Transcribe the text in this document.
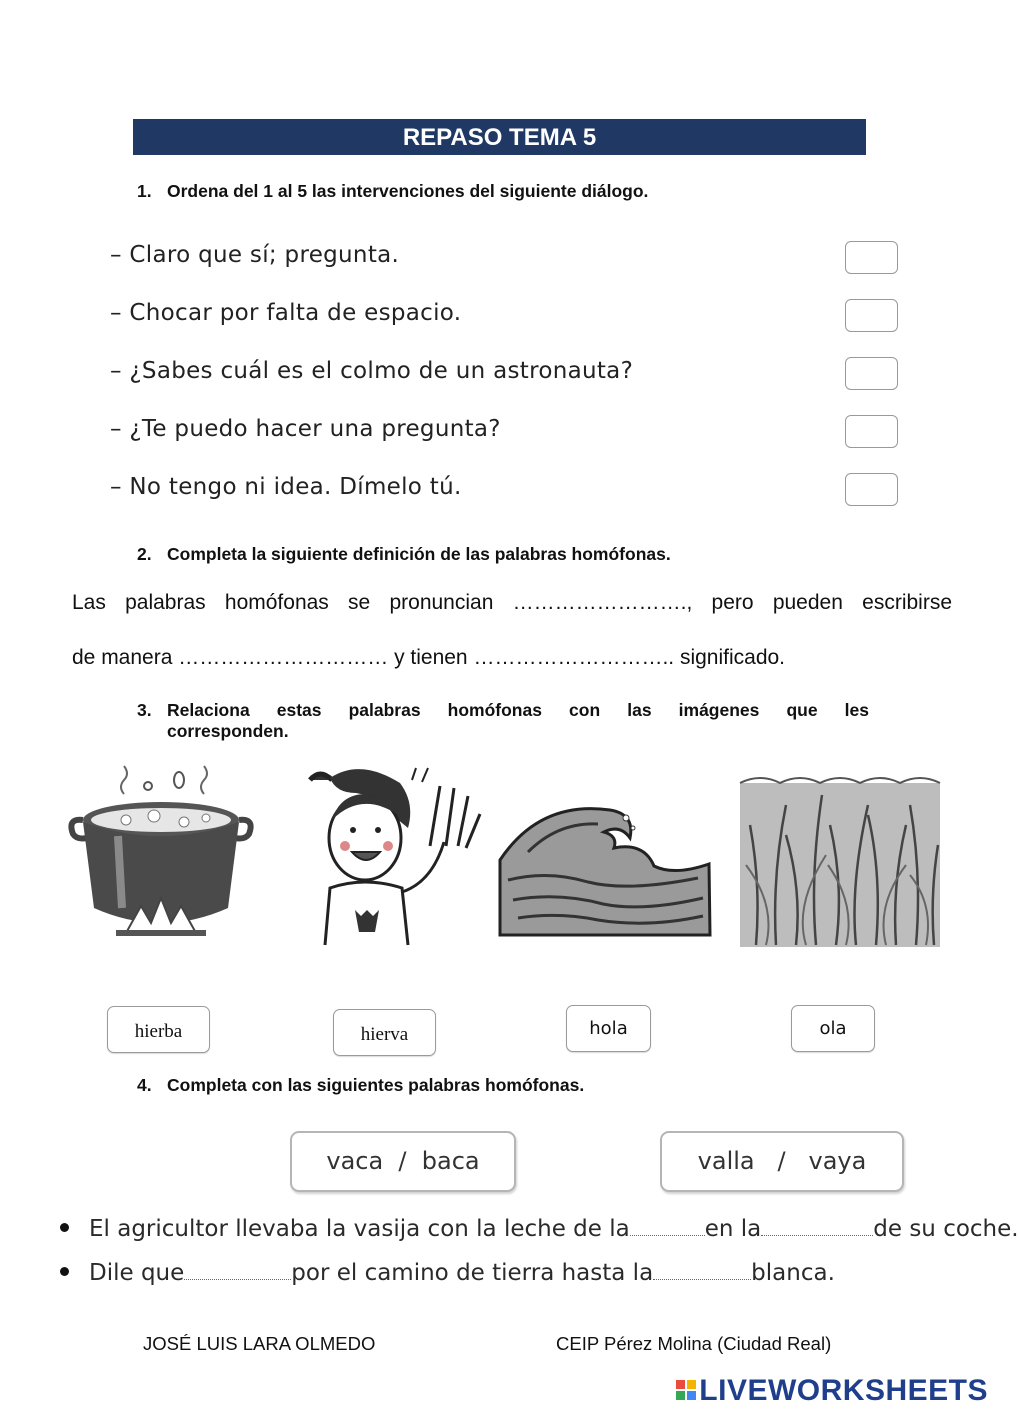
REPASO TEMA 5
1. Ordena del 1 al 5 las intervenciones del siguiente diálogo.
– Claro que sí; pregunta.
– Chocar por falta de espacio.
– ¿Sabes cuál es el colmo de un astronauta?
– ¿Te puedo hacer una pregunta?
– No tengo ni idea. Dímelo tú.
2. Completa la siguiente definición de las palabras homófonas.
Las palabras homófonas se pronuncian ……………………., pero pueden escribirse
de manera ………………………… y tienen ……………………….. significado.
3. Relaciona estas palabras homófonas con las imágenes que les
corresponden.
hierba	hierva	hola	ola
4. Completa con las siguientes palabras homófonas.
vaca  /  baca	valla   /   vaya
El agricultor llevaba la vasija con la leche de la	en la	de su coche.
Dile que	por el camino de tierra hasta la	blanca.
JOSÉ LUIS LARA OLMEDO	CEIP Pérez Molina (Ciudad Real)
LIVEWORKSHEETS
